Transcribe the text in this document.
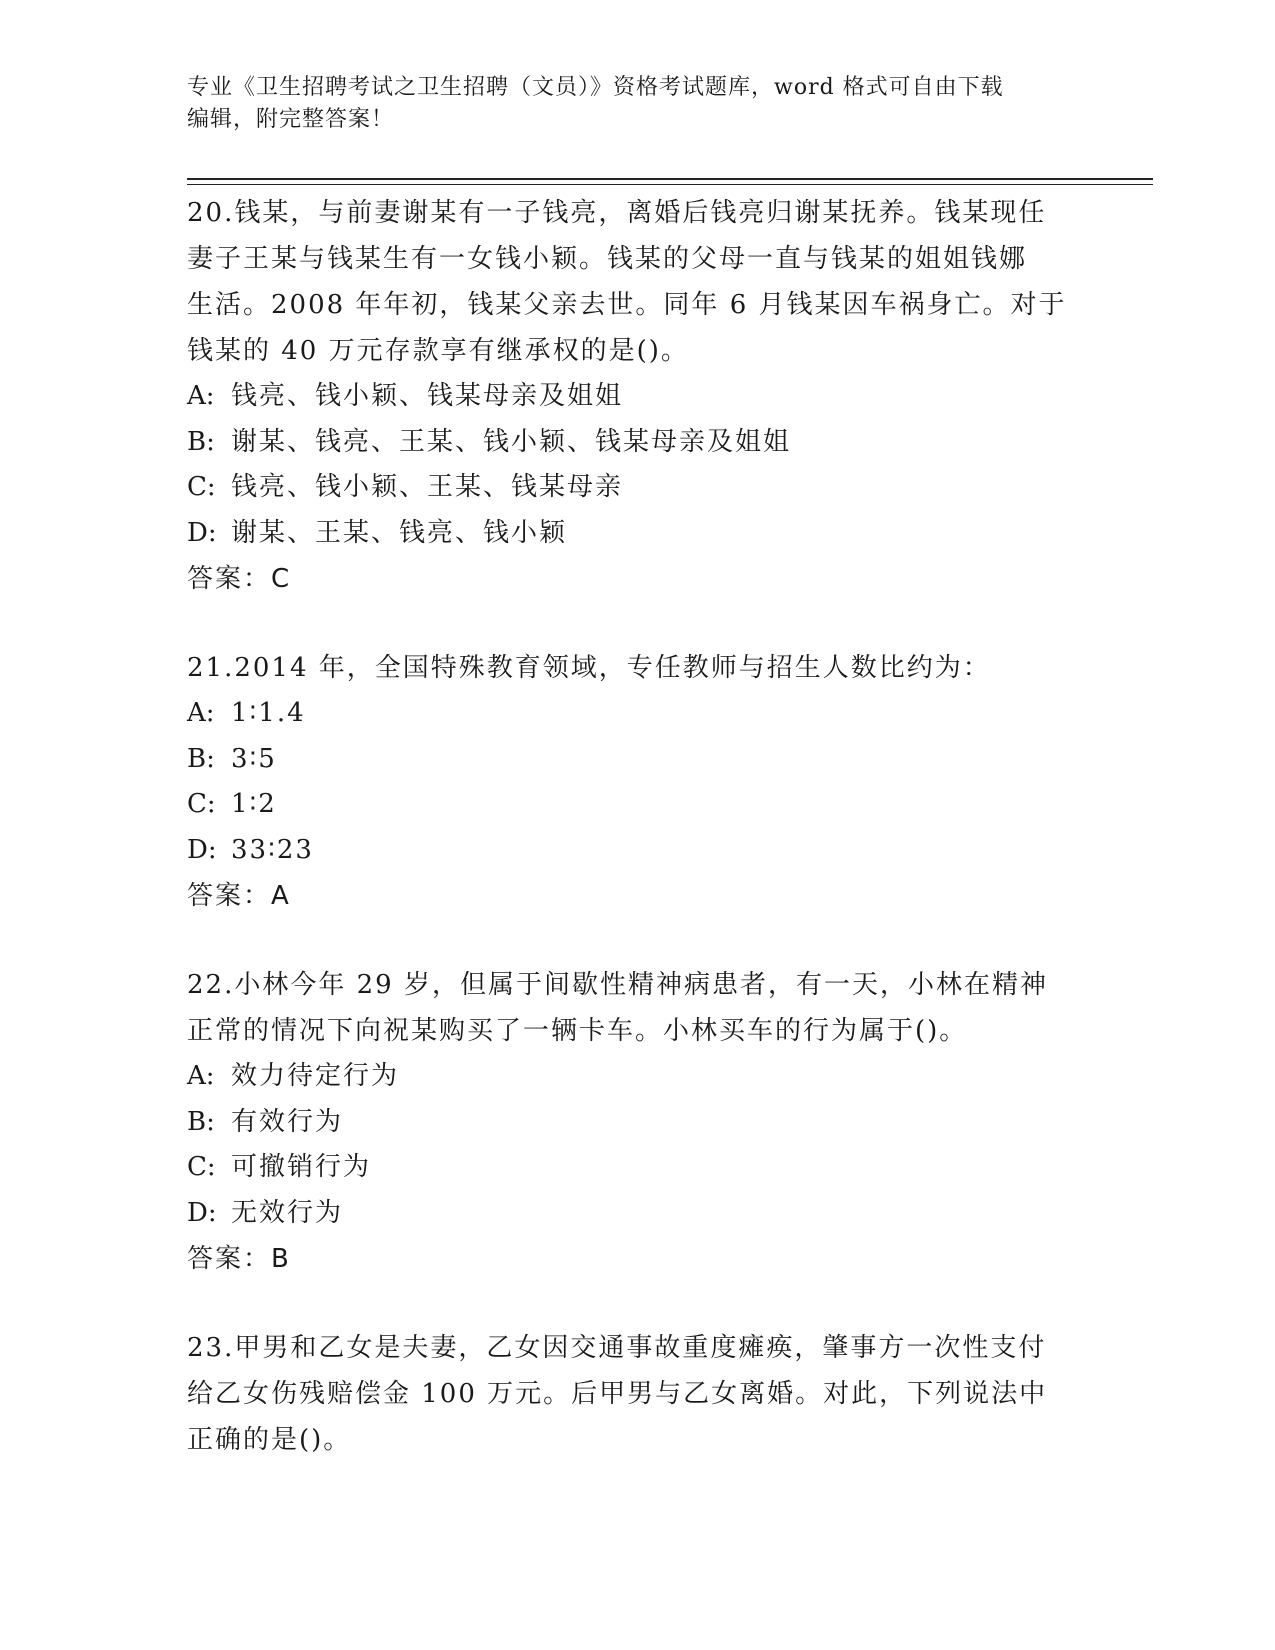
专业《卫生招聘考试之卫生招聘（文员）》资格考试题库，word 格式可自由下载
编辑，附完整答案！
20.钱某，与前妻谢某有一子钱亮，离婚后钱亮归谢某抚养。钱某现任
妻子王某与钱某生有一女钱小颖。钱某的父母一直与钱某的姐姐钱娜
生活。2008 年年初，钱某父亲去世。同年 6 月钱某因车祸身亡。对于
钱某的 40 万元存款享有继承权的是()。
A: 钱亮、钱小颖、钱某母亲及姐姐
B: 谢某、钱亮、王某、钱小颖、钱某母亲及姐姐
C: 钱亮、钱小颖、王某、钱某母亲
D: 谢某、王某、钱亮、钱小颖
答案：C
21.2014 年，全国特殊教育领域，专任教师与招生人数比约为：
A: 1∶1.4
B: 3∶5
C: 1∶2
D: 33∶23
答案：A
22.小林今年 29 岁，但属于间歇性精神病患者，有一天，小林在精神
正常的情况下向祝某购买了一辆卡车。小林买车的行为属于()。
A: 效力待定行为
B: 有效行为
C: 可撤销行为
D: 无效行为
答案：B
23.甲男和乙女是夫妻，乙女因交通事故重度瘫痪，肇事方一次性支付
给乙女伤残赔偿金 100 万元。后甲男与乙女离婚。对此，下列说法中
正确的是()。
